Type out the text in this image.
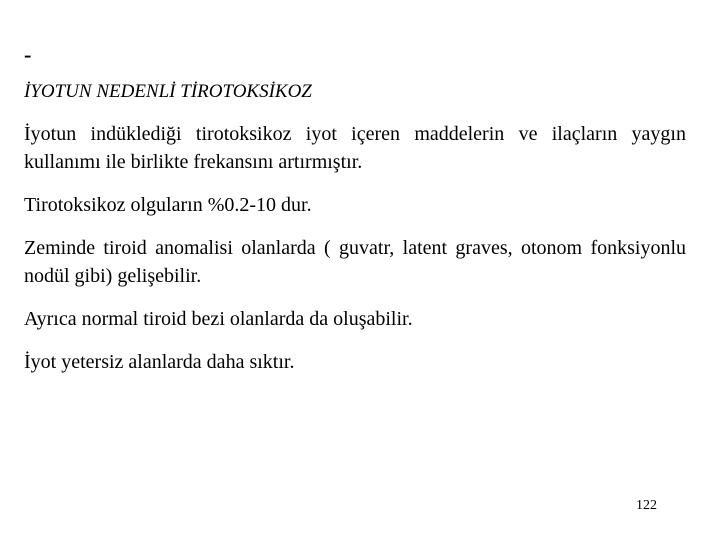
-
İYOTUN NEDENLİ TİROTOKSİKOZ

İyotun indüklediği tirotoksikoz iyot içeren maddelerin ve ilaçların yaygın kullanımı ile birlikte frekansını artırmıştır.

Tirotoksikoz olguların %0.2-10 dur.

Zeminde tiroid anomalisi olanlarda ( guvatr, latent graves, otonom fonksiyonlu nodül gibi) gelişebilir.

Ayrıca normal tiroid bezi olanlarda da oluşabilir.

İyot yetersiz alanlarda daha sıktır.

122
